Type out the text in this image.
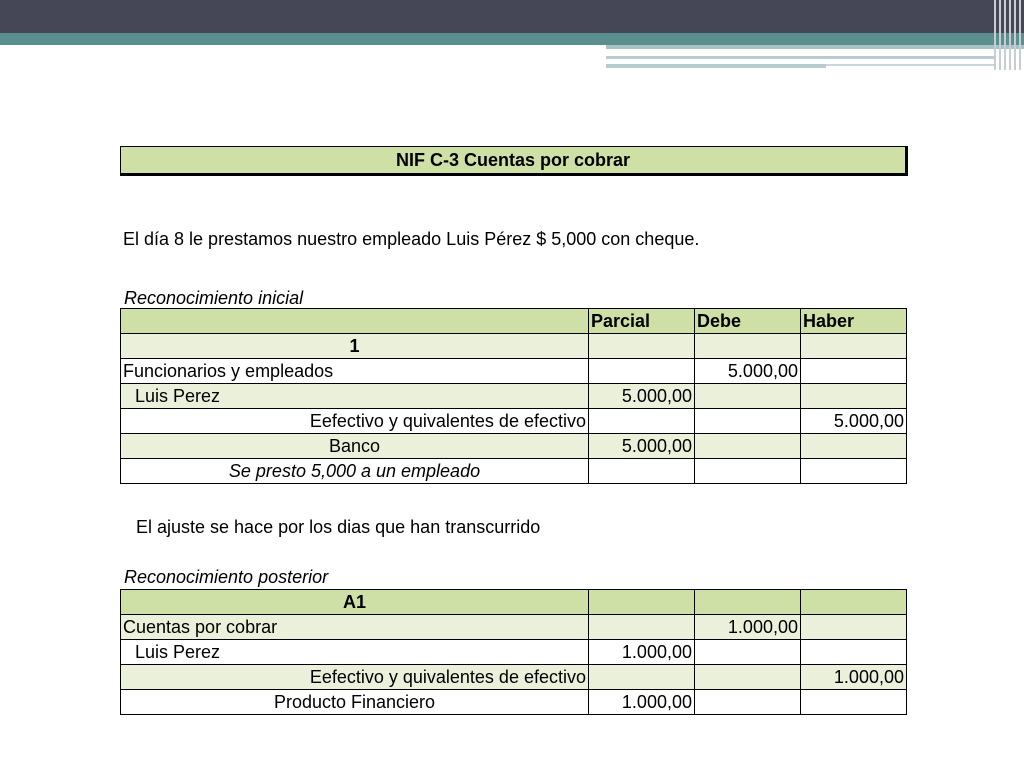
NIF C-3 Cuentas por cobrar
El día 8 le prestamos nuestro empleado Luis Pérez $ 5,000 con cheque.
Reconocimiento inicial
	Parcial	Debe	Haber
1			
Funcionarios y empleados		5.000,00	
Luis Perez	5.000,00		
Eefectivo y quivalentes de efectivo			5.000,00
Banco	5.000,00		
Se presto 5,000 a un empleado			
El ajuste se hace por los dias que han transcurrido
Reconocimiento posterior
A1			
Cuentas por cobrar		1.000,00	
Luis Perez	1.000,00		
Eefectivo y quivalentes de efectivo			1.000,00
Producto Financiero	1.000,00		
